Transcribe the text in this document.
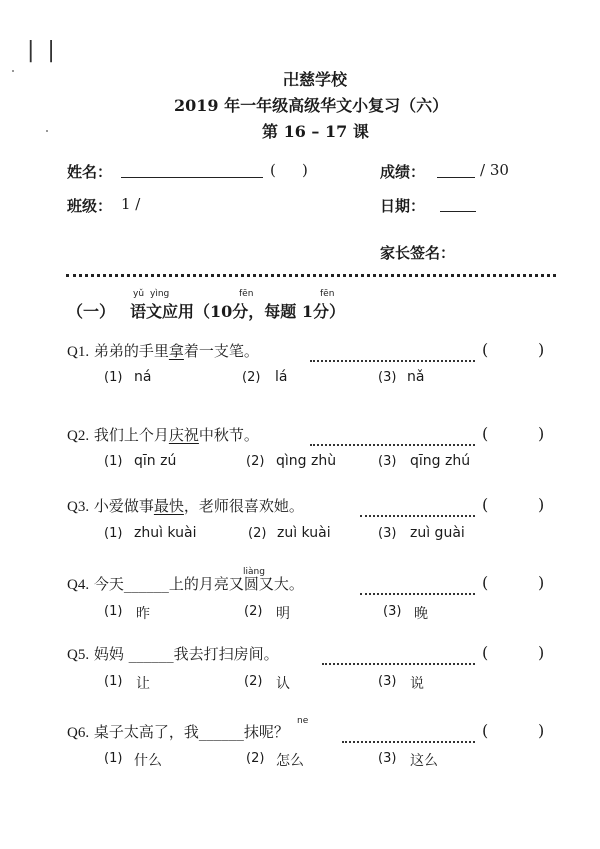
| |
卍慈学校
2019 年一年级高级华文小复习（六）
第 16 – 17 课
姓名：	( )	成绩：	/ 30
班级： 1 /	日期：
家长签名：
yǔ yìng	fēn	fēn
（一） 语文应用（10分，每题 1分）
Q1. 弟弟的手里拿着一支笔。	(	)
(1) ná	(2) lá	(3) nǎ
Q2. 我们上个月庆祝中秋节。	(	)
(1) qīn zú	(2) qìng zhù	(3) qīng zhú
Q3. 小爱做事最快，老师很喜欢她。	(	)
(1) zhuì kuài	(2) zuì kuài	(3) zuì guài
liàng
Q4. 今天______上的月亮又圆又大。	(	)
(1) 昨	(2) 明	(3) 晚
Q5. 妈妈 ______我去打扫房间。	(	)
(1) 让	(2) 认	(3) 说
ne
Q6. 桌子太高了，我______抹呢？	(	)
(1) 什么	(2) 怎么	(3) 这么
